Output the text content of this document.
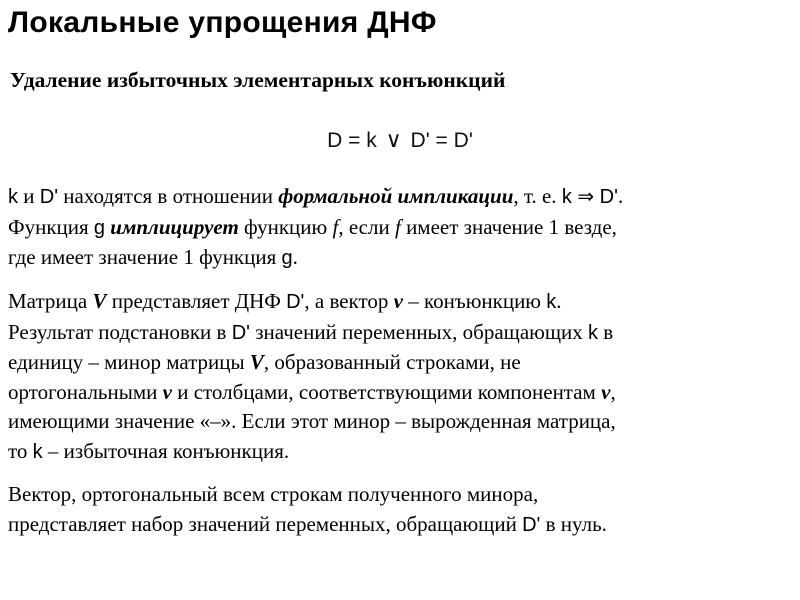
Локальные упрощения ДНФ
Удаление избыточных элементарных конъюнкций
D = k ∨ D' = D'
k и D' находятся в отношении формальной импликации, т. е. k ⇒ D'.
Функция g имплицирует функцию f, если f имеет значение 1 везде,
где имеет значение 1 функция g.
Матрица V представляет ДНФ D', а вектор v – конъюнкцию k.
Результат подстановки в D' значений переменных, обращающих k в
единицу – минор матрицы V, образованный строками, не
ортогональными v и столбцами, соответствующими компонентам v,
имеющими значение «–». Если этот минор – вырожденная матрица,
то k – избыточная конъюнкция.
Вектор, ортогональный всем строкам полученного минора,
представляет набор значений переменных, обращающий D' в нуль.
